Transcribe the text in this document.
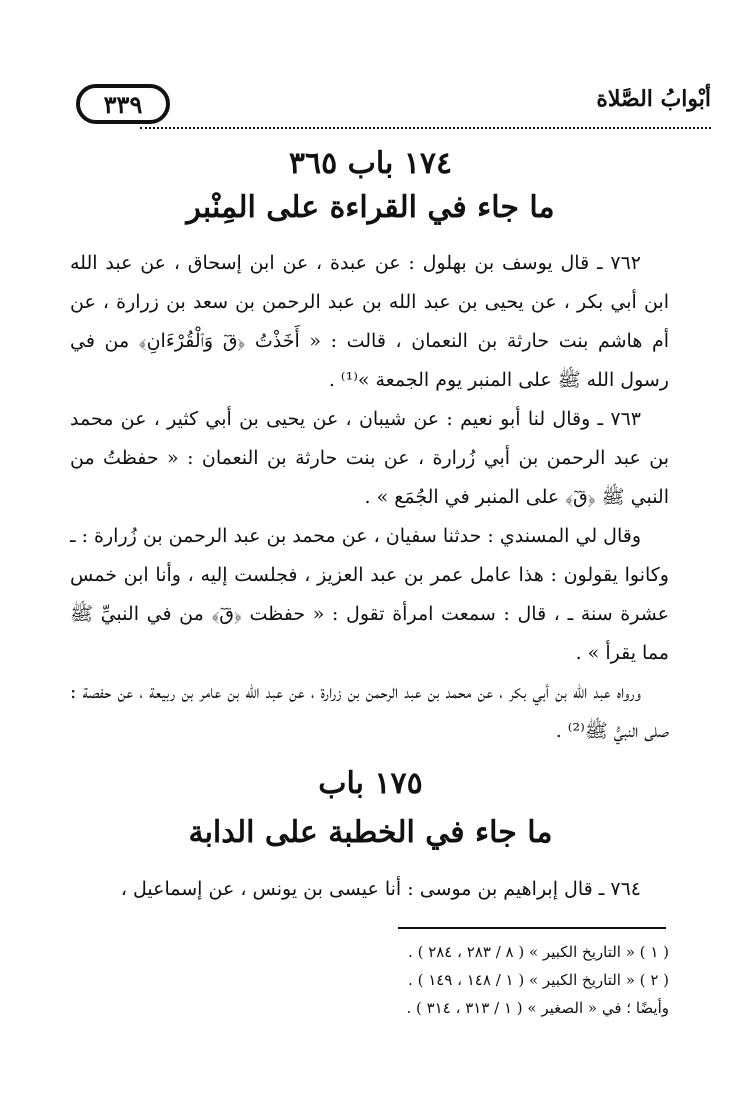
أبْوابُ الصَّلاة
٣٣٩
١٧٤ باب ٣٦٥
ما جاء في القراءة على المِنْبر

٧٦٢ ـ قال يوسف بن بهلول : عن عبدة ، عن ابن إسحاق ، عن عبد الله ابن أبي بكر ، عن يحيى بن عبد الله بن عبد الرحمن بن سعد بن زرارة ، عن أم هاشم بنت حارثة بن النعمان ، قالت : « أَخَذْتُ ﴿قٓ وَٱلْقُرْءَانِ﴾ من في رسول الله ﷺ على المنبر يوم الجمعة »⁽¹⁾ .

٧٦٣ ـ وقال لنا أبو نعيم : عن شيبان ، عن يحيى بن أبي كثير ، عن محمد بن عبد الرحمن بن أبي زُرارة ، عن بنت حارثة بن النعمان : « حفظتُ من النبي ﷺ ﴿قٓ﴾ على المنبر في الجُمَع » .

وقال لي المسندي : حدثنا سفيان ، عن محمد بن عبد الرحمن بن زُرارة : ـ وكانوا يقولون : هذا عامل عمر بن عبد العزيز ، فجلست إليه ، وأنا ابن خمس عشرة سنة ـ ، قال : سمعت امرأة تقول : « حفظت ﴿قٓ﴾ من في النبيِّ ﷺ مما يقرأ » .

ورواه عبد الله بن أبي بكر ، عن محمد بن عبد الرحمن بن زرارة ، عن عبد الله بن عامر بن ربيعة ، عن حفصة : صلى النبيُّ ﷺ⁽²⁾ .

١٧٥ باب
ما جاء في الخطبة على الدابة

٧٦٤ ـ قال إبراهيم بن موسى : أنا عيسى بن يونس ، عن إسماعيل ،

( ١ ) « التاريخ الكبير » ( ٨ / ٢٨٣ ، ٢٨٤ ) .
( ٢ ) « التاريخ الكبير » ( ١ / ١٤٨ ، ١٤٩ ) .
وأيضًا ؛ في « الصغير » ( ١ / ٣١٣ ، ٣١٤ ) .
